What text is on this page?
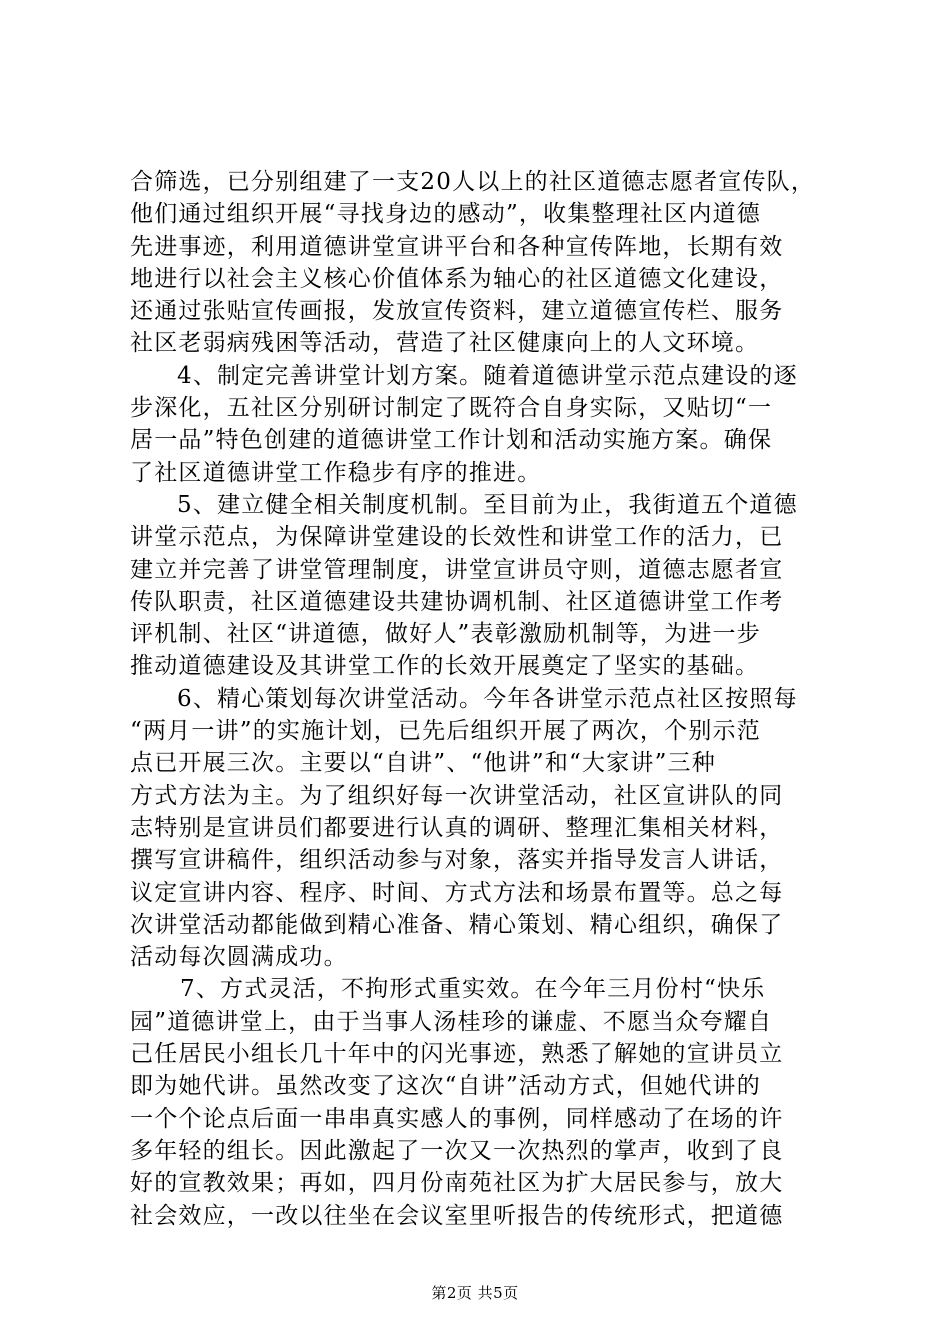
合筛选，已分别组建了一支20人以上的社区道德志愿者宣传队，
他们通过组织开展“寻找身边的感动”，收集整理社区内道德
先进事迹，利用道德讲堂宣讲平台和各种宣传阵地，长期有效
地进行以社会主义核心价值体系为轴心的社区道德文化建设，
还通过张贴宣传画报，发放宣传资料，建立道德宣传栏、服务
社区老弱病残困等活动，营造了社区健康向上的人文环境。
4、制定完善讲堂计划方案。随着道德讲堂示范点建设的逐
步深化，五社区分别研讨制定了既符合自身实际，又贴切“一
居一品”特色创建的道德讲堂工作计划和活动实施方案。确保
了社区道德讲堂工作稳步有序的推进。
5、建立健全相关制度机制。至目前为止，我街道五个道德
讲堂示范点，为保障讲堂建设的长效性和讲堂工作的活力，已
建立并完善了讲堂管理制度，讲堂宣讲员守则，道德志愿者宣
传队职责，社区道德建设共建协调机制、社区道德讲堂工作考
评机制、社区“讲道德，做好人”表彰激励机制等，为进一步
推动道德建设及其讲堂工作的长效开展奠定了坚实的基础。
6、精心策划每次讲堂活动。今年各讲堂示范点社区按照每
“两月一讲”的实施计划，已先后组织开展了两次，个别示范
点已开展三次。主要以“自讲”、“他讲”和“大家讲”三种
方式方法为主。为了组织好每一次讲堂活动，社区宣讲队的同
志特别是宣讲员们都要进行认真的调研、整理汇集相关材料，
撰写宣讲稿件，组织活动参与对象，落实并指导发言人讲话，
议定宣讲内容、程序、时间、方式方法和场景布置等。总之每
次讲堂活动都能做到精心准备、精心策划、精心组织，确保了
活动每次圆满成功。
7、方式灵活，不拘形式重实效。在今年三月份村“快乐
园”道德讲堂上，由于当事人汤桂珍的谦虚、不愿当众夸耀自
己任居民小组长几十年中的闪光事迹，熟悉了解她的宣讲员立
即为她代讲。虽然改变了这次“自讲”活动方式，但她代讲的
一个个论点后面一串串真实感人的事例，同样感动了在场的许
多年轻的组长。因此激起了一次又一次热烈的掌声，收到了良
好的宣教效果；再如，四月份南苑社区为扩大居民参与，放大
社会效应，一改以往坐在会议室里听报告的传统形式，把道德
第2页 共5页
